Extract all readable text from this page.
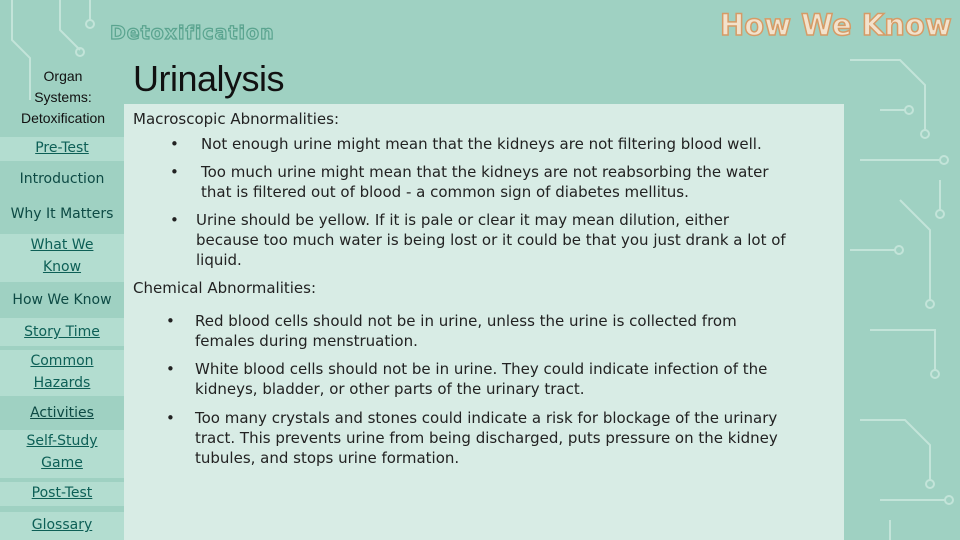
Detoxification	How We Know
Organ
Systems:
Detoxification
Pre-Test
Introduction
Why It Matters
What We
Know
How We Know
Story Time
Common
Hazards
Activities
Self-Study
Game
Post-Test
Glossary
Urinalysis
Macroscopic Abnormalities:
• Not enough urine might mean that the kidneys are not filtering blood well.
• Too much urine might mean that the kidneys are not reabsorbing the water
that is filtered out of blood - a common sign of diabetes mellitus.
• Urine should be yellow. If it is pale or clear it may mean dilution, either
because too much water is being lost or it could be that you just drank a lot of
liquid.
Chemical Abnormalities:
• Red blood cells should not be in urine, unless the urine is collected from
females during menstruation.
• White blood cells should not be in urine. They could indicate infection of the
kidneys, bladder, or other parts of the urinary tract.
• Too many crystals and stones could indicate a risk for blockage of the urinary
tract. This prevents urine from being discharged, puts pressure on the kidney
tubules, and stops urine formation.
